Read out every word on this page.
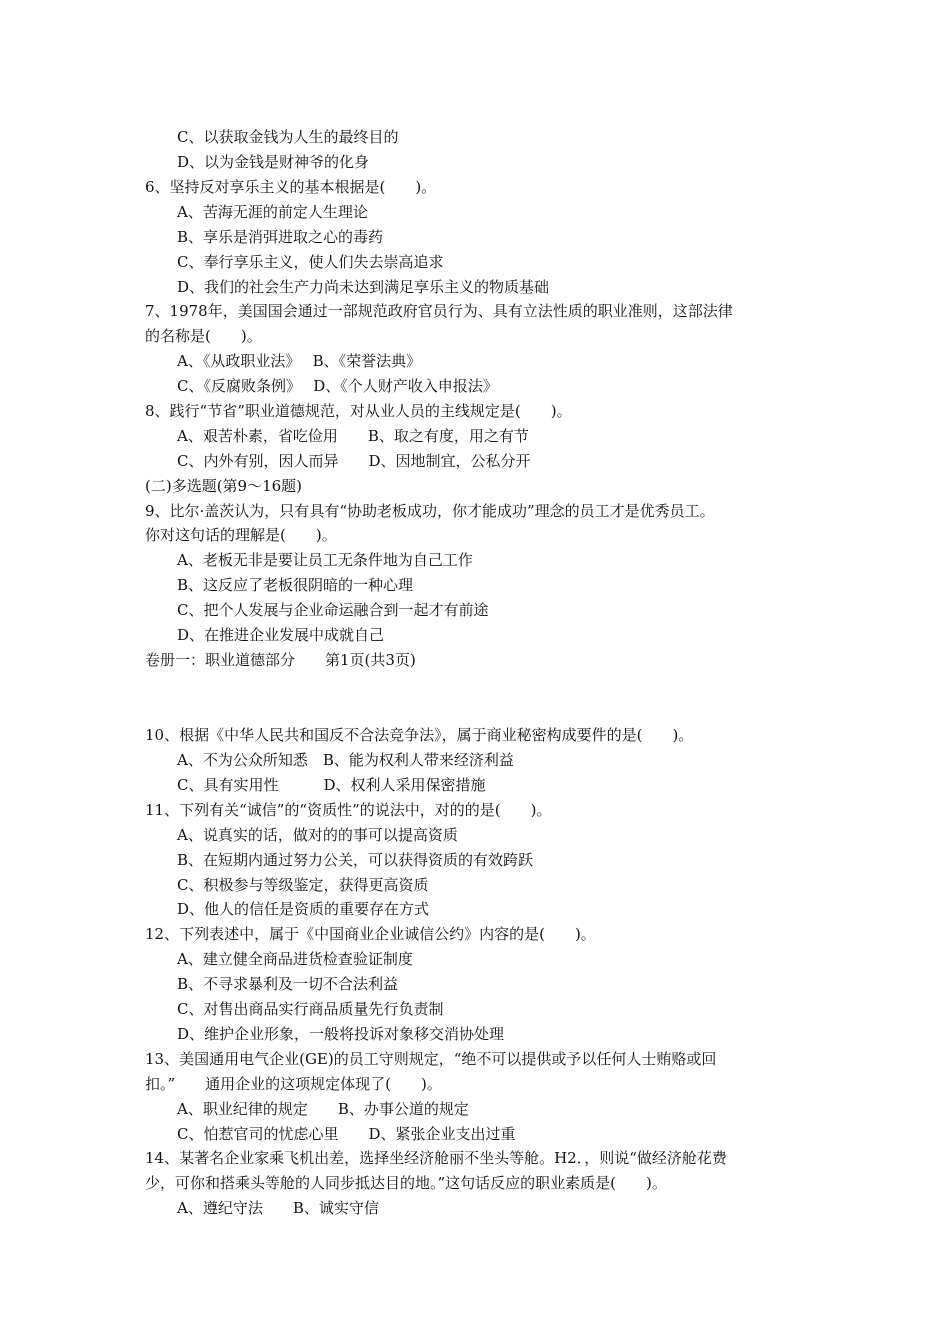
C、以获取金钱为人生的最终目的
D、以为金钱是财神爷的化身
6、坚持反对享乐主义的基本根据是(　　)。
A、苦海无涯的前定人生理论
B、享乐是消弭进取之心的毒药
C、奉行享乐主义，使人们失去崇高追求
D、我们的社会生产力尚未达到满足享乐主义的物质基础
7、1978年，美国国会通过一部规范政府官员行为、具有立法性质的职业准则，这部法律
的名称是(　　)。
A、《从政职业法》　 B、《荣誉法典》
C、《反腐败条例》　 D、《个人财产收入申报法》
8、践行“节省”职业道德规范，对从业人员的主线规定是(　　)。
A、艰苦朴素，省吃俭用　　B、取之有度，用之有节
C、内外有别，因人而异　　D、因地制宜，公私分开
(二)多选题(第9～16题)
9、比尔·盖茨认为，只有具有“协助老板成功，你才能成功”理念的员工才是优秀员工。
你对这句话的理解是(　　)。
A、老板无非是要让员工无条件地为自己工作
B、这反应了老板很阴暗的一种心理
C、把个人发展与企业命运融合到一起才有前途
D、在推进企业发展中成就自己
卷册一：职业道德部分　　第1页(共3页)
10、根据《中华人民共和国反不合法竞争法》，属于商业秘密构成要件的是(　　)。
A、不为公众所知悉　B、能为权利人带来经济利益
C、具有实用性　　　D、权利人采用保密措施
11、下列有关“诚信”的“资质性”的说法中，对的的是(　　)。
A、说真实的话，做对的的事可以提高资质
B、在短期内通过努力公关，可以获得资质的有效跨跃
C、积极参与等级鉴定，获得更高资质
D、他人的信任是资质的重要存在方式
12、下列表述中，属于《中国商业企业诚信公约》内容的是(　　)。
A、建立健全商品进货检查验证制度
B、不寻求暴利及一切不合法利益
C、对售出商品实行商品质量先行负责制
D、维护企业形象，一般将投诉对象移交消协处理
13、美国通用电气企业(GE)的员工守则规定，“绝不可以提供或予以任何人士贿赂或回
扣。”　　通用企业的这项规定体现了(　　)。
A、职业纪律的规定　　B、办事公道的规定
C、怕惹官司的忧虑心里　　D、紧张企业支出过重
14、某著名企业家乘飞机出差，选择坐经济舱丽不坐头等舱。H2．，则说“做经济舱花费
少，可你和搭乘头等舱的人同步抵达目的地。”这句话反应的职业素质是(　　)。
A、遵纪守法　　B、诚实守信
